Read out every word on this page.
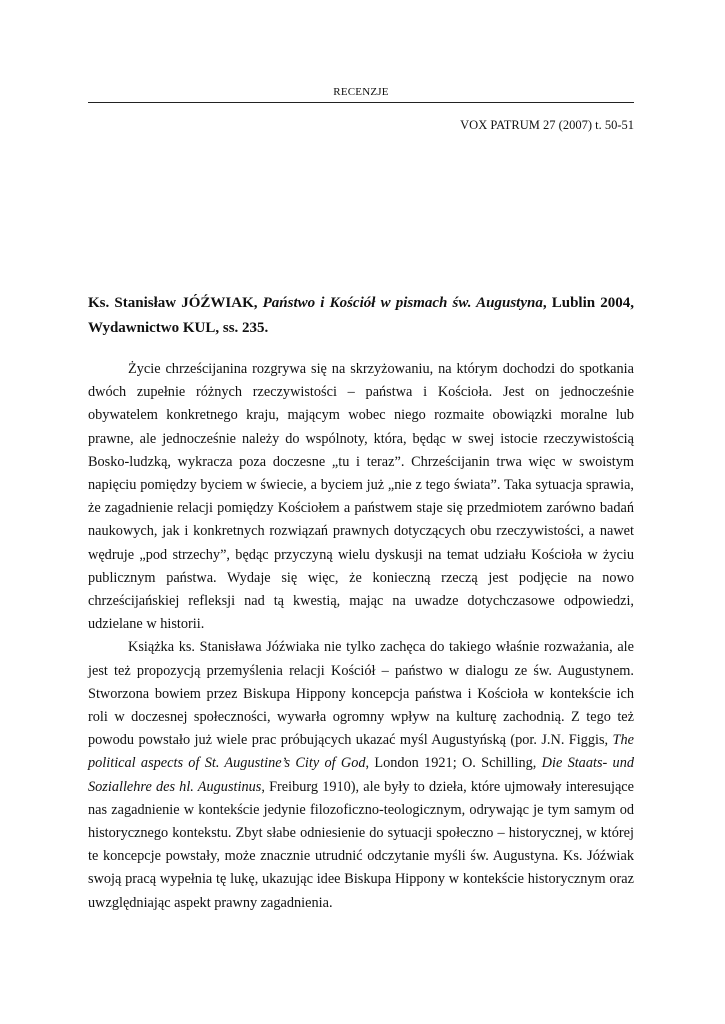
RECENZJE
VOX PATRUM 27 (2007) t. 50-51
Ks. Stanisław JÓŹWIAK, Państwo i Kościół w pismach św. Augustyna, Lublin 2004, Wydawnictwo KUL, ss. 235.

Życie chrześcijanina rozgrywa się na skrzyżowaniu, na którym dochodzi do spotkania dwóch zupełnie różnych rzeczywistości – państwa i Kościoła. Jest on jednocześnie obywatelem konkretnego kraju, mającym wobec niego rozmaite obowiązki moralne lub prawne, ale jednocześnie należy do wspólnoty, która, będąc w swej istocie rzeczywistością Bosko-ludzką, wykracza poza doczesne „tu i teraz”. Chrześcijanin trwa więc w swoistym napięciu pomiędzy byciem w świecie, a byciem już „nie z tego świata”. Taka sytuacja sprawia, że zagadnienie relacji pomiędzy Kościołem a państwem staje się przedmiotem zarówno badań naukowych, jak i konkretnych rozwiązań prawnych dotyczących obu rzeczywistości, a nawet wędruje „pod strzechy”, będąc przyczyną wielu dyskusji na temat udziału Kościoła w życiu publicznym państwa. Wydaje się więc, że konieczną rzeczą jest podjęcie na nowo chrześcijańskiej refleksji nad tą kwestią, mając na uwadze dotychczasowe odpowiedzi, udzielane w historii.

Książka ks. Stanisława Jóźwiaka nie tylko zachęca do takiego właśnie rozważania, ale jest też propozycją przemyślenia relacji Kościół – państwo w dialogu ze św. Augustynem. Stworzona bowiem przez Biskupa Hippony koncepcja państwa i Kościoła w kontekście ich roli w doczesnej społeczności, wywarła ogromny wpływ na kulturę zachodnią. Z tego też powodu powstało już wiele prac próbujących ukazać myśl Augustyńską (por. J.N. Figgis, The political aspects of St. Augustine’s City of God, London 1921; O. Schilling, Die Staats- und Soziallehre des hl. Augustinus, Freiburg 1910), ale były to dzieła, które ujmowały interesujące nas zagadnienie w kontekście jedynie filozoficzno-teologicznym, odrywając je tym samym od historycznego kontekstu. Zbyt słabe odniesienie do sytuacji społeczno – historycznej, w której te koncepcje powstały, może znacznie utrudnić odczytanie myśli św. Augustyna. Ks. Jóźwiak swoją pracą wypełnia tę lukę, ukazując idee Biskupa Hippony w kontekście historycznym oraz uwzględniając aspekt prawny zagadnienia.
